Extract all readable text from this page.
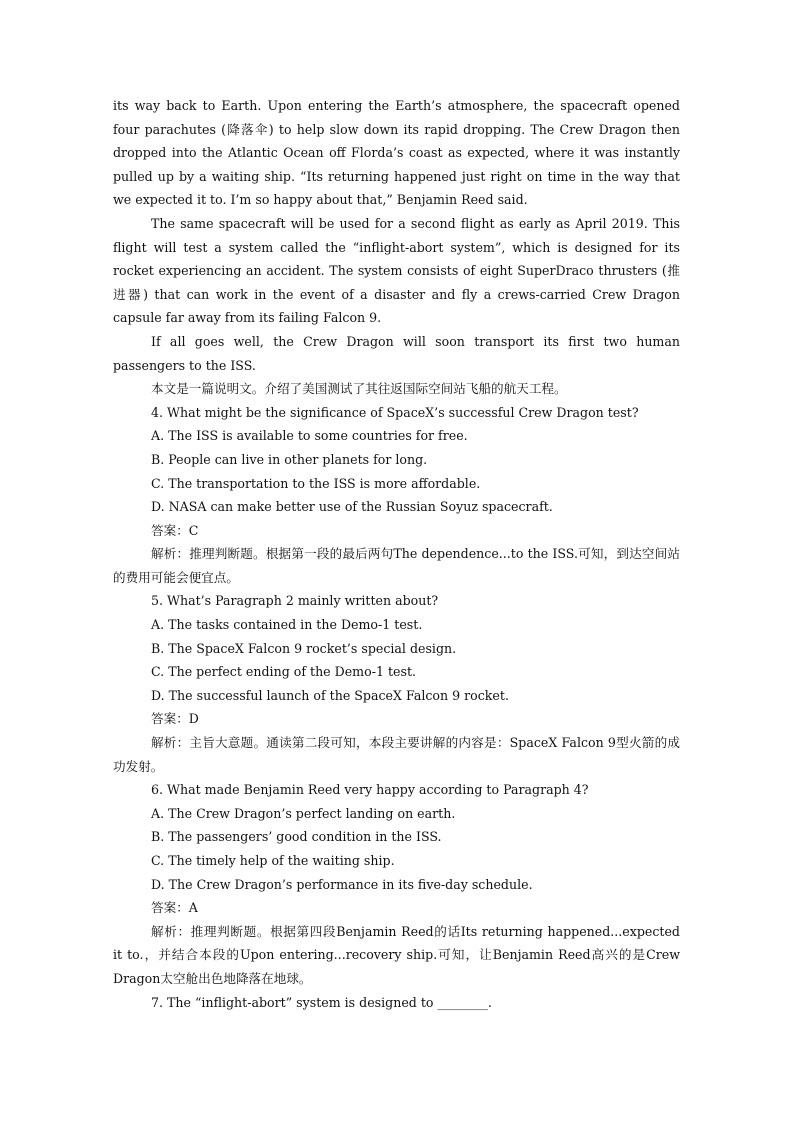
its way back to Earth. Upon entering the Earth’s atmosphere, the spacecraft opened four parachutes (降落伞) to help slow down its rapid dropping. The Crew Dragon then dropped into the Atlantic Ocean off Florda’s coast as expected, where it was instantly pulled up by a waiting ship. “Its returning happened just right on time in the way that we expected it to. I’m so happy about that,” Benjamin Reed said.

The same spacecraft will be used for a second flight as early as April 2019. This flight will test a system called the “inflight-abort system”, which is designed for its rocket experiencing an accident. The system consists of eight SuperDraco thrusters (推进器) that can work in the event of a disaster and fly a crews-carried Crew Dragon capsule far away from its failing Falcon 9.

If all goes well, the Crew Dragon will soon transport its first two human passengers to the ISS.

本文是一篇说明文。介绍了美国测试了其往返国际空间站飞船的航天工程。

4. What might be the significance of SpaceX’s successful Crew Dragon test?

A. The ISS is available to some countries for free.

B. People can live in other planets for long.

C. The transportation to the ISS is more affordable.

D. NASA can make better use of the Russian Soyuz spacecraft.

答案：C

解析：推理判断题。根据第一段的最后两句The dependence...to the ISS.可知，到达空间站的费用可能会便宜点。

5. What’s Paragraph 2 mainly written about?

A. The tasks contained in the Demo-1 test.

B. The SpaceX Falcon 9 rocket’s special design.

C. The perfect ending of the Demo-1 test.

D. The successful launch of the SpaceX Falcon 9 rocket.

答案：D

解析：主旨大意题。通读第二段可知，本段主要讲解的内容是：SpaceX Falcon 9型火箭的成功发射。

6. What made Benjamin Reed very happy according to Paragraph 4?

A. The Crew Dragon’s perfect landing on earth.

B. The passengers’ good condition in the ISS.

C. The timely help of the waiting ship.

D. The Crew Dragon’s performance in its five-day schedule.

答案：A

解析：推理判断题。根据第四段Benjamin Reed的话Its returning happened...expected it to.，并结合本段的Upon entering...recovery ship.可知，让Benjamin Reed高兴的是Crew Dragon太空舱出色地降落在地球。

7. The “inflight-abort” system is designed to ________.
